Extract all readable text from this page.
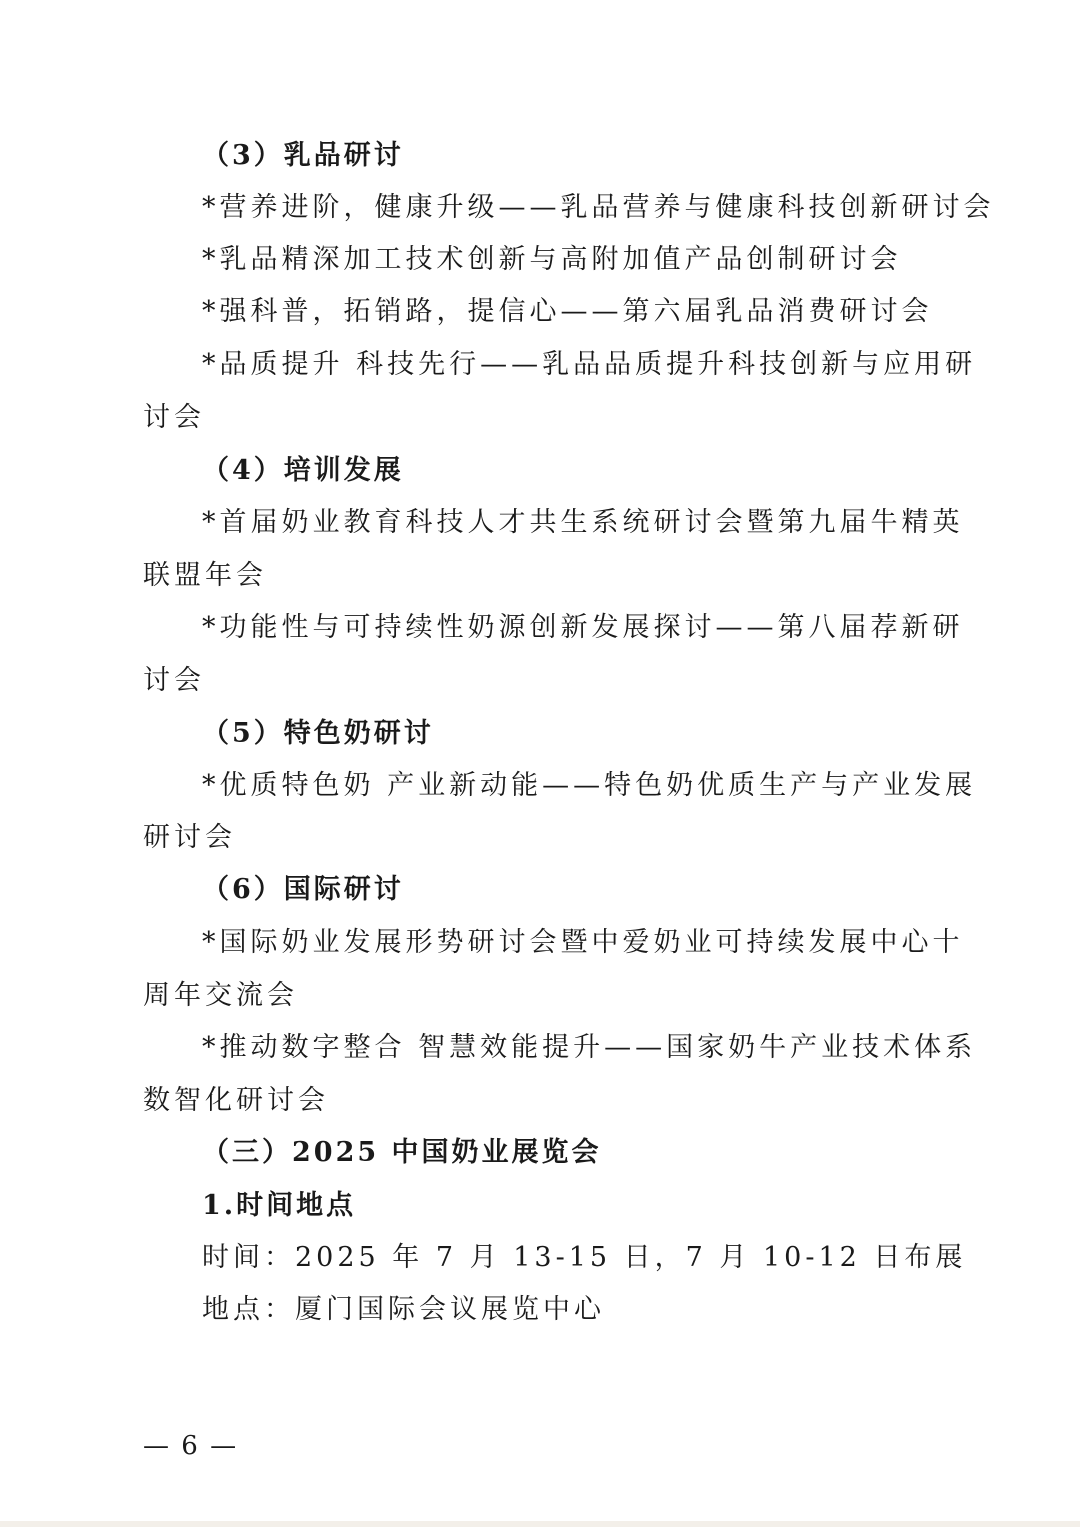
（3）乳品研讨
*营养进阶，健康升级——乳品营养与健康科技创新研讨会
*乳品精深加工技术创新与高附加值产品创制研讨会
*强科普，拓销路，提信心——第六届乳品消费研讨会
*品质提升 科技先行——乳品品质提升科技创新与应用研
讨会
（4）培训发展
*首届奶业教育科技人才共生系统研讨会暨第九届牛精英
联盟年会
*功能性与可持续性奶源创新发展探讨——第八届荐新研
讨会
（5）特色奶研讨
*优质特色奶 产业新动能——特色奶优质生产与产业发展
研讨会
（6）国际研讨
*国际奶业发展形势研讨会暨中爱奶业可持续发展中心十
周年交流会
*推动数字整合 智慧效能提升——国家奶牛产业技术体系
数智化研讨会
（三）2025 中国奶业展览会
1.时间地点
时间：2025 年 7 月 13-15 日，7 月 10-12 日布展
地点：厦门国际会议展览中心
— 6 —
